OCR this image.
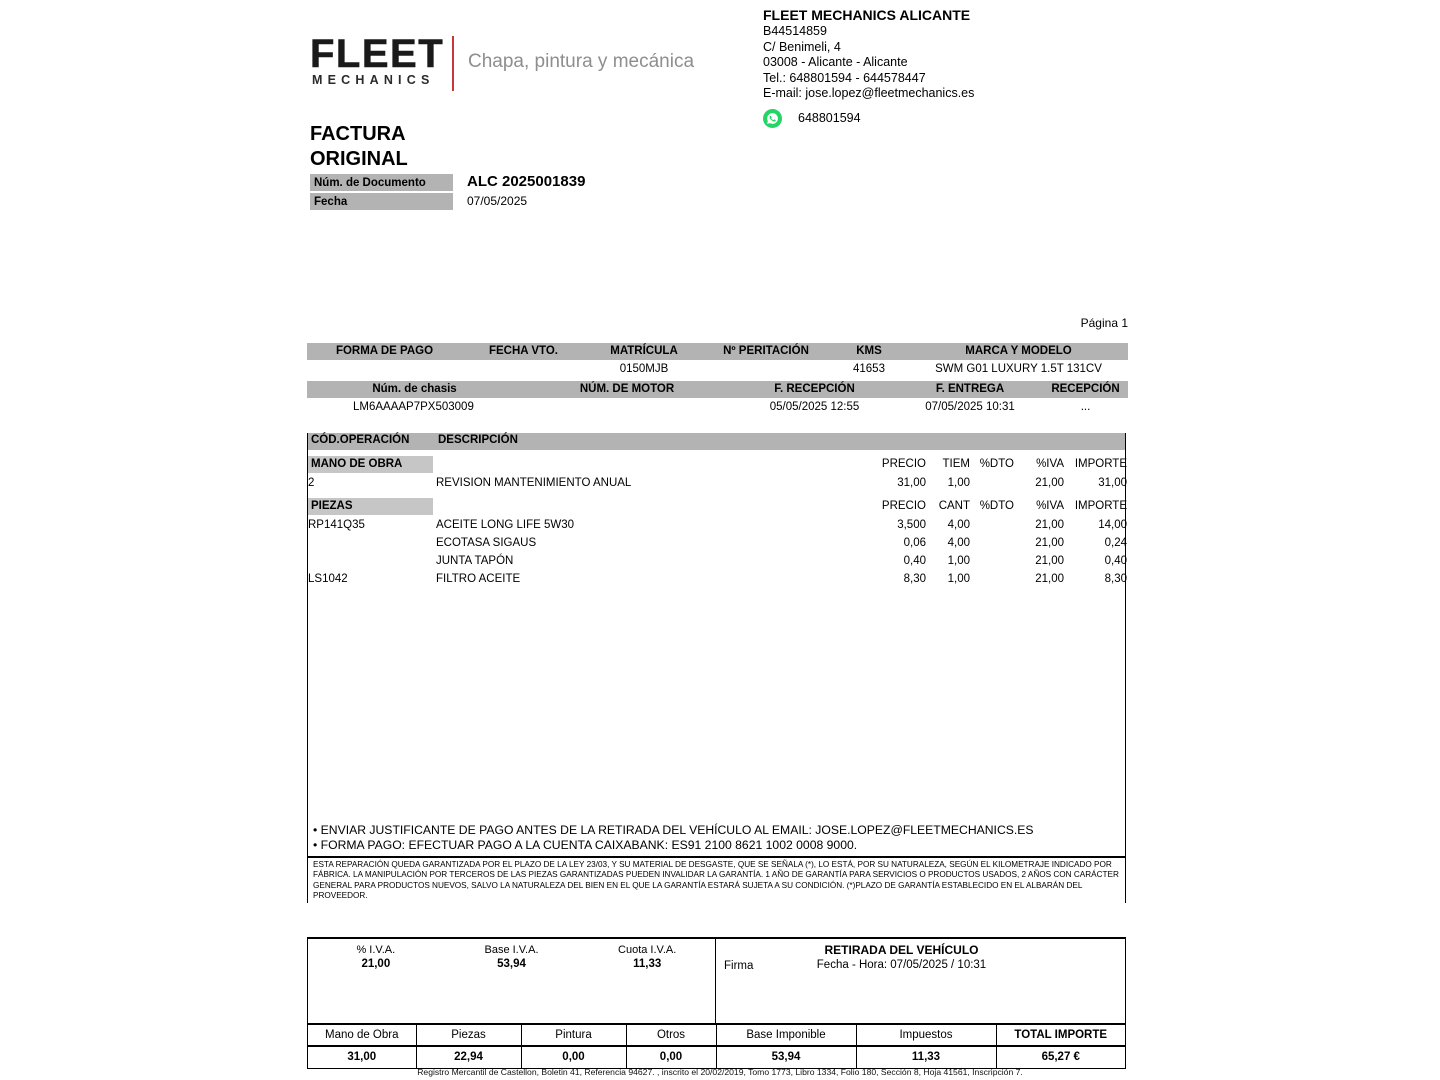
FLEET
MECHANICS
Chapa, pintura y mecánica
FLEET MECHANICS ALICANTE
B44514859
C/ Benimeli, 4
03008 - Alicante - Alicante
Tel.: 648801594 - 644578447
E-mail: jose.lopez@fleetmechanics.es
648801594
FACTURA
ORIGINAL
Núm. de Documento	ALC 2025001839
Fecha	07/05/2025
Página 1
FORMA DE PAGO	FECHA VTO.	MATRÍCULA	Nº PERITACIÓN	KMS	MARCA Y MODELO
		0150MJB		41653	SWM G01 LUXURY 1.5T 131CV
Núm. de chasis	NÚM. DE MOTOR	F. RECEPCIÓN	F. ENTREGA	RECEPCIÓN
LM6AAAAP7PX503009		05/05/2025 12:55	07/05/2025 10:31	...
CÓD.OPERACIÓN DESCRIPCIÓN
MANO DE OBRA		PRECIO	TIEM	%DTO	%IVA	IMPORTE
2	REVISION MANTENIMIENTO ANUAL	31,00	1,00		21,00	31,00
PIEZAS		PRECIO	CANT	%DTO	%IVA	IMPORTE
RP141Q35	ACEITE LONG LIFE 5W30	3,500	4,00		21,00	14,00
	ECOTASA SIGAUS	0,06	4,00		21,00	0,24
	JUNTA TAPÓN	0,40	1,00		21,00	0,40
LS1042	FILTRO ACEITE	8,30	1,00		21,00	8,30
• ENVIAR JUSTIFICANTE DE PAGO ANTES DE LA RETIRADA DEL VEHÍCULO AL EMAIL: JOSE.LOPEZ@FLEETMECHANICS.ES
• FORMA PAGO: EFECTUAR PAGO A LA CUENTA CAIXABANK: ES91 2100 8621 1002 0008 9000.
ESTA REPARACIÓN QUEDA GARANTIZADA POR EL PLAZO DE LA LEY 23/03, Y SU MATERIAL DE DESGASTE, QUE SE SEÑALA (*), LO ESTÁ, POR SU NATURALEZA, SEGÚN EL KILOMETRAJE INDICADO POR FÁBRICA. LA MANIPULACIÓN POR TERCEROS DE LAS PIEZAS GARANTIZADAS PUEDEN INVALIDAR LA GARANTÍA. 1 AÑO DE GARANTÍA PARA SERVICIOS O PRODUCTOS USADOS, 2 AÑOS CON CARÁCTER GENERAL PARA PRODUCTOS NUEVOS, SALVO LA NATURALEZA DEL BIEN EN EL QUE LA GARANTÍA ESTARÁ SUJETA A SU CONDICIÓN. (*)PLAZO DE GARANTÍA ESTABLECIDO EN EL ALBARÁN DEL PROVEEDOR.
% I.V.A.
21,00
Base I.V.A.
53,94
Cuota I.V.A.
11,33
RETIRADA DEL VEHÍCULO
Firma	Fecha - Hora: 07/05/2025 / 10:31
Mano de Obra	Piezas	Pintura	Otros	Base Imponible	Impuestos	TOTAL IMPORTE
31,00	22,94	0,00	0,00	53,94	11,33	65,27 €
Registro Mercantil de Castellon, Boletin 41, Referencia 94627. , inscrito el 20/02/2019, Tomo 1773, Libro 1334, Folio 180, Sección 8, Hoja 41561, Inscripción 7.
